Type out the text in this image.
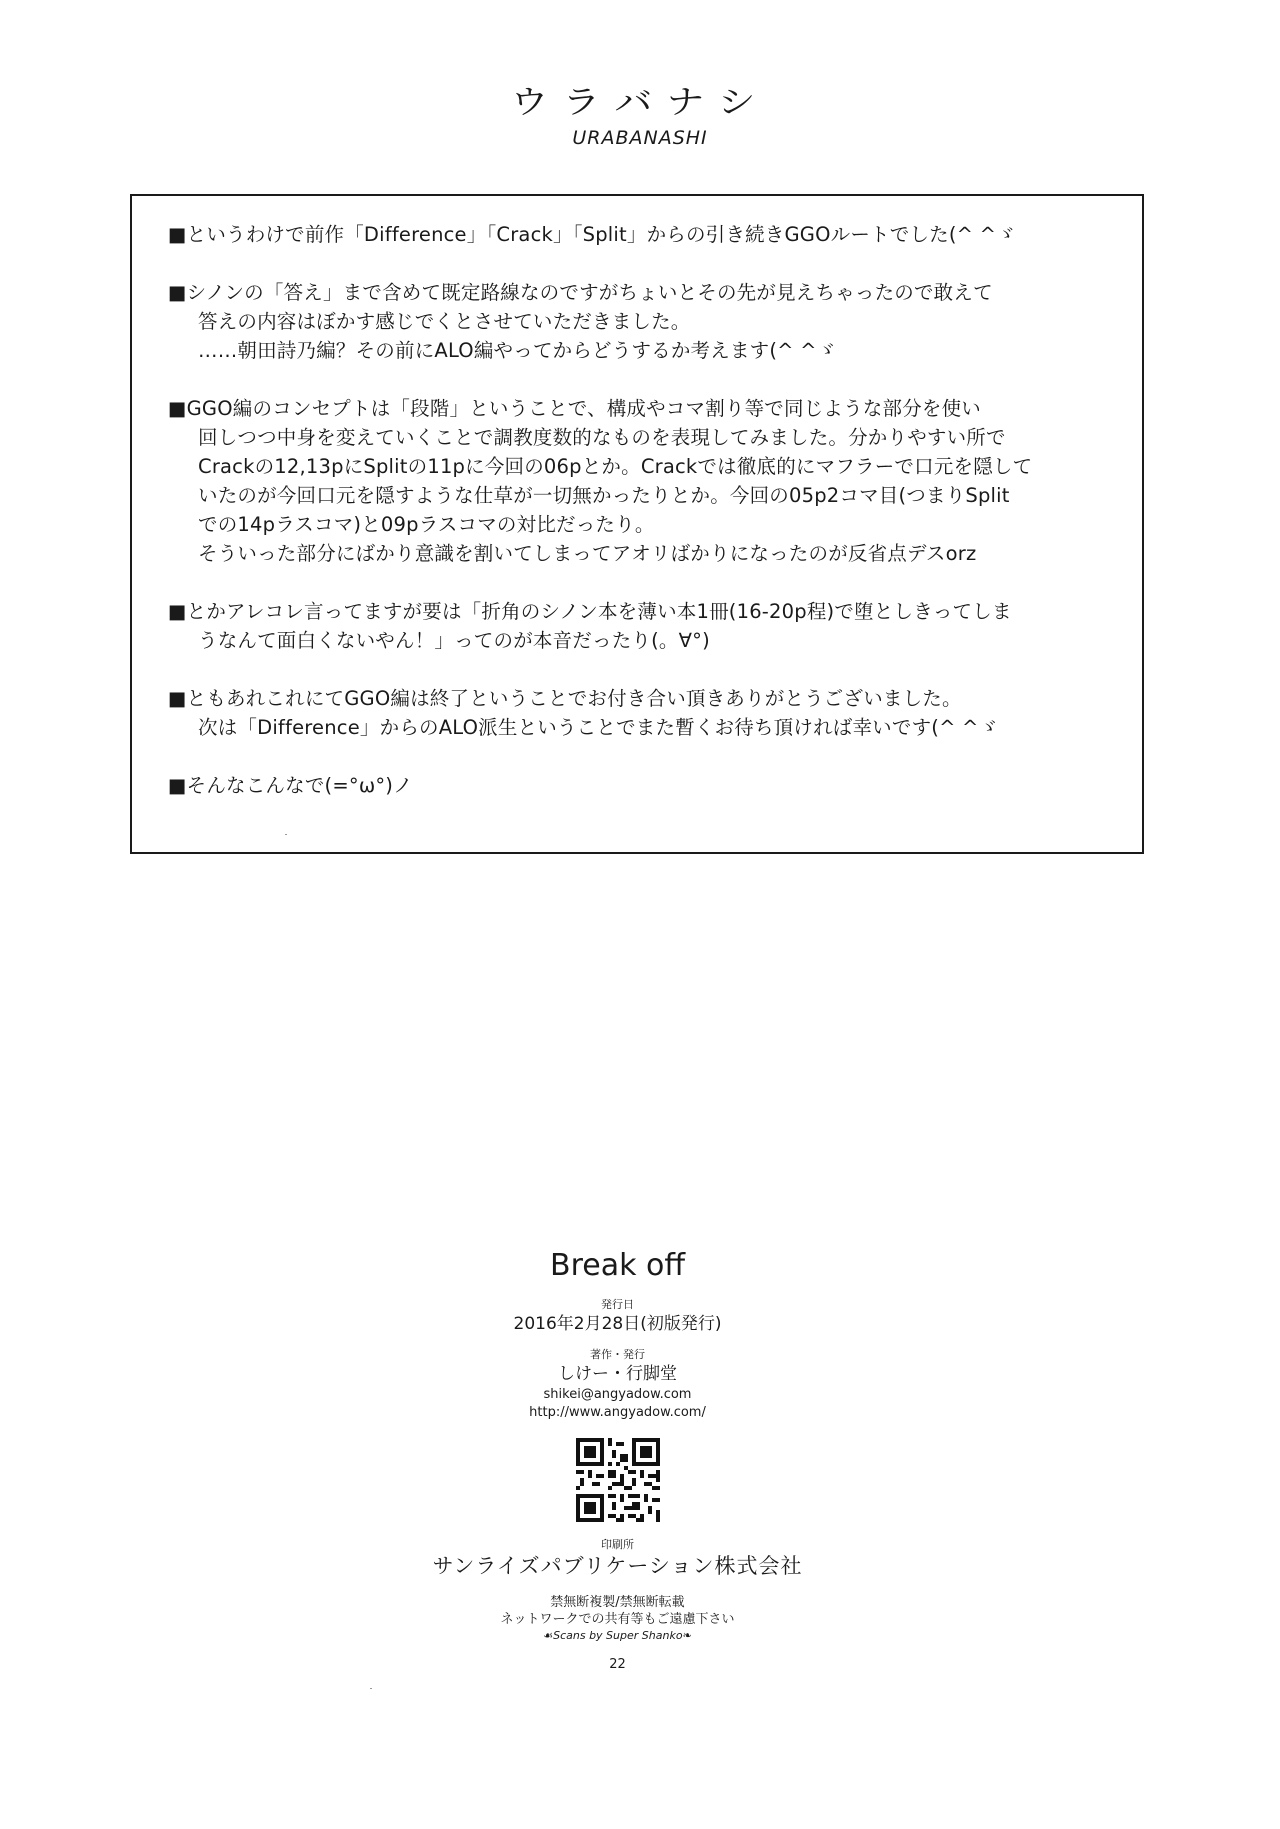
ウラバナシ
URABANASHI
■というわけで前作「Difference」「Crack」「Split」からの引き続きGGOルートでした(^ ^ゞ
■シノンの「答え」まで含めて既定路線なのですがちょいとその先が見えちゃったので敢えて
答えの内容はぼかす感じでくとさせていただきました。
……朝田詩乃編？その前にALO編やってからどうするか考えます(^ ^ゞ
■GGO編のコンセプトは「段階」ということで、構成やコマ割り等で同じような部分を使い
回しつつ中身を変えていくことで調教度数的なものを表現してみました。分かりやすい所で
Crackの12,13pにSplitの11pに今回の06pとか。Crackでは徹底的にマフラーで口元を隠して
いたのが今回口元を隠すような仕草が一切無かったりとか。今回の05p2コマ目(つまりSplit
での14pラスコマ)と09pラスコマの対比だったり。
そういった部分にばかり意識を割いてしまってアオリばかりになったのが反省点デスorz
■とかアレコレ言ってますが要は「折角のシノン本を薄い本1冊(16-20p程)で堕としきってしま
うなんて面白くないやん！」ってのが本音だったり(。∀°)
■ともあれこれにてGGO編は終了ということでお付き合い頂きありがとうございました。
次は「Difference」からのALO派生ということでまた暫くお待ち頂ければ幸いです(^ ^ゞ
■そんなこんなで(=°ω°)ノ
Break off
発行日
2016年2月28日(初版発行)
著作・発行
しけー・行脚堂
shikei@angyadow.com
http://www.angyadow.com/
印刷所
サンライズパブリケーション株式会社
禁無断複製/禁無断転載
ネットワークでの共有等もご遠慮下さい
☙Scans by Super Shanko❧
22
